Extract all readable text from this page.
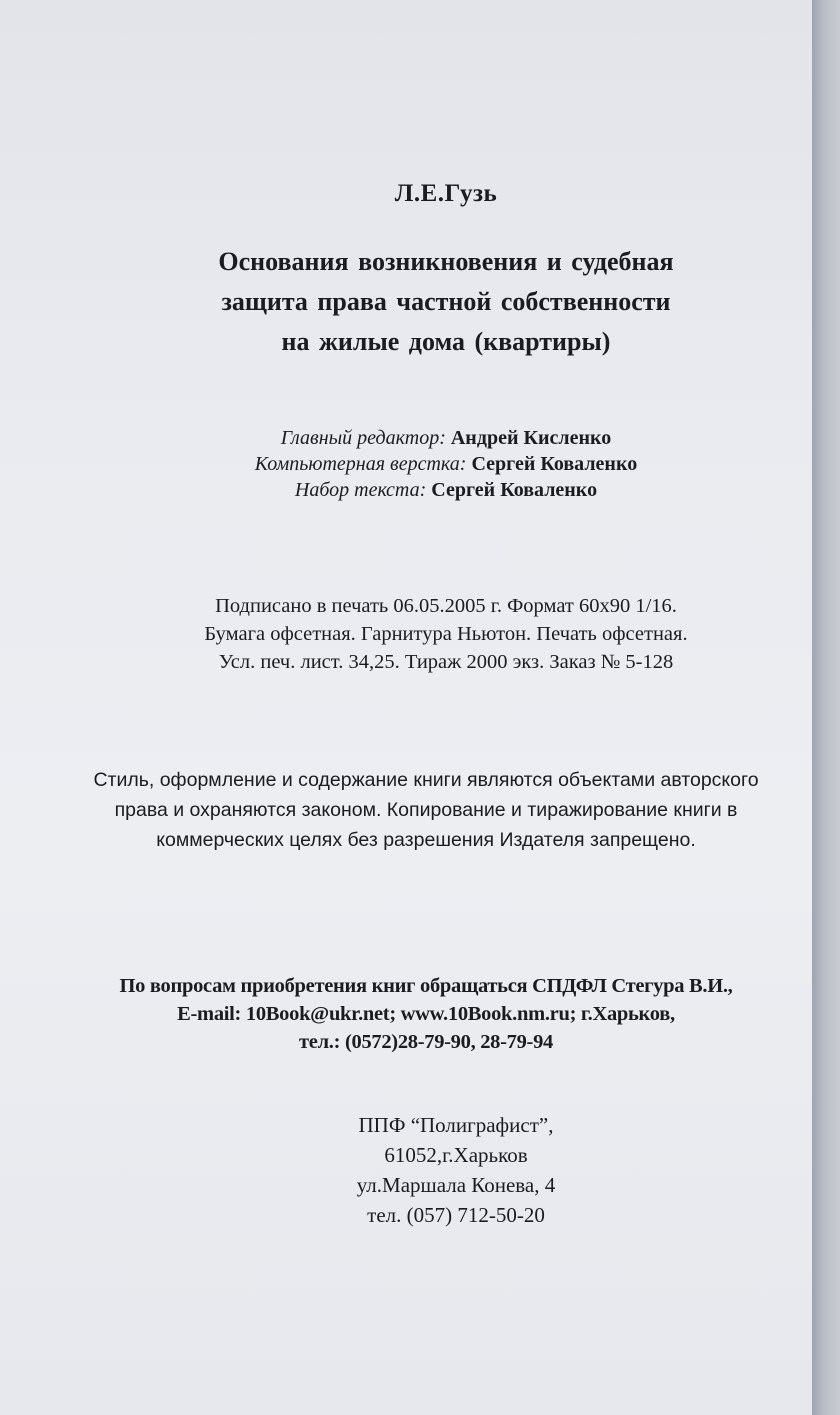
Л.Е.Гузь
Основания возникновения и судебная
защита права частной собственности
на жилые дома (квартиры)
Главный редактор: Андрей Кисленко
Компьютерная верстка: Сергей Коваленко
Набор текста: Сергей Коваленко
Подписано в печать 06.05.2005 г. Формат 60х90 1/16.
Бумага офсетная. Гарнитура Ньютон. Печать офсетная.
Усл. печ. лист. 34,25. Тираж 2000 экз. Заказ № 5-128
Стиль, оформление и содержание книги являются объектами авторского
права и охраняются законом. Копирование и тиражирование книги в
коммерческих целях без разрешения Издателя запрещено.
По вопросам приобретения книг обращаться СПДФЛ Стегура В.И.,
E-mail: 10Book@ukr.net; www.10Book.nm.ru; г.Харьков,
тел.: (0572)28-79-90, 28-79-94
ППФ “Полиграфист”,
61052,г.Харьков
ул.Маршала Конева, 4
тел. (057) 712-50-20
